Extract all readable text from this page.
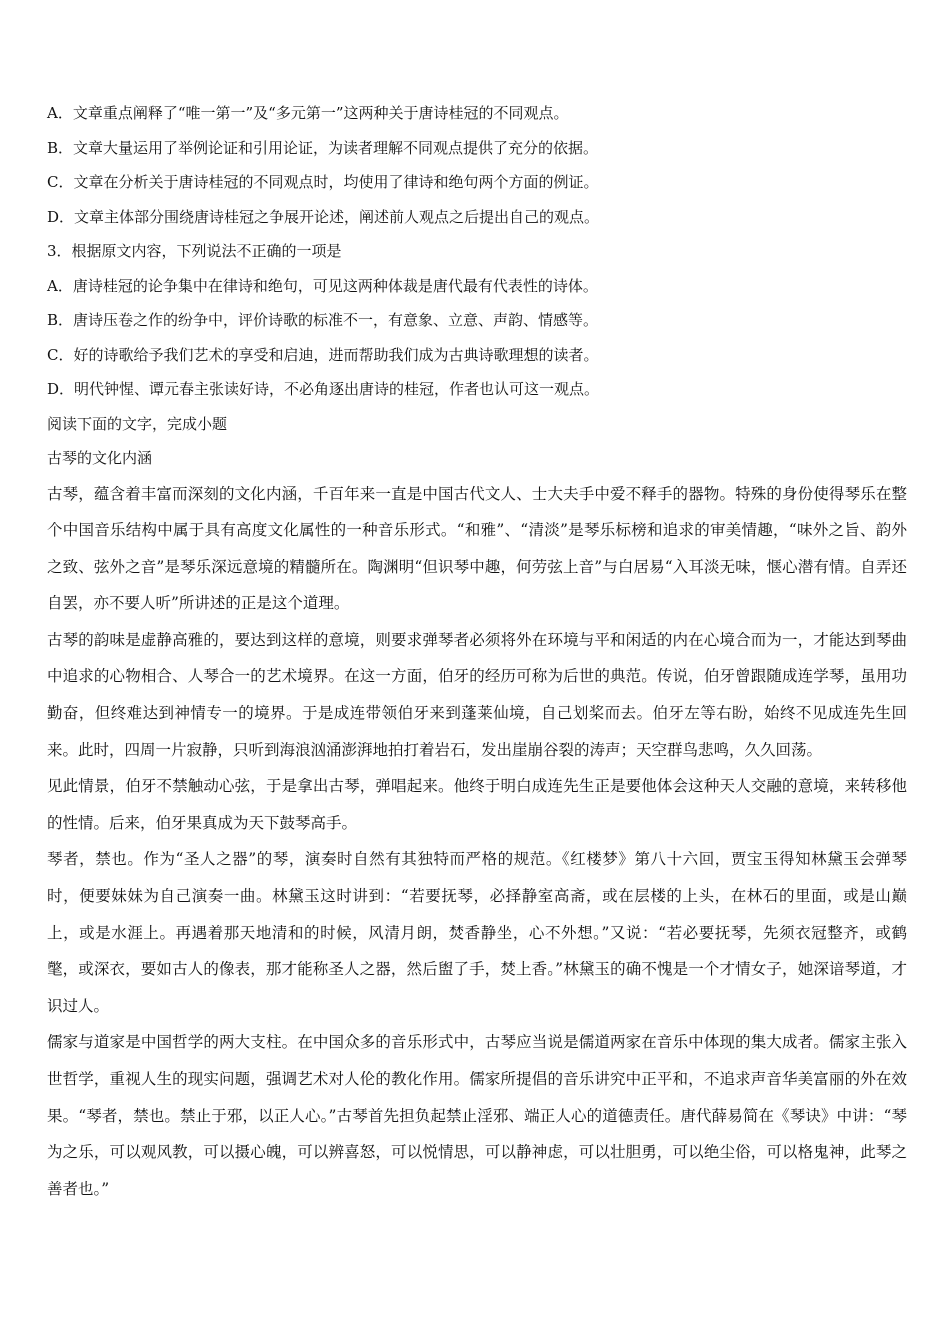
A．文章重点阐释了“唯一第一”及“多元第一”这两种关于唐诗桂冠的不同观点。
B．文章大量运用了举例论证和引用论证，为读者理解不同观点提供了充分的依据。
C．文章在分析关于唐诗桂冠的不同观点时，均使用了律诗和绝句两个方面的例证。
D．文章主体部分围绕唐诗桂冠之争展开论述，阐述前人观点之后提出自己的观点。
3．根据原文内容，下列说法不正确的一项是
A．唐诗桂冠的论争集中在律诗和绝句，可见这两种体裁是唐代最有代表性的诗体。
B．唐诗压卷之作的纷争中，评价诗歌的标准不一，有意象、立意、声韵、情感等。
C．好的诗歌给予我们艺术的享受和启迪，进而帮助我们成为古典诗歌理想的读者。
D．明代钟惺、谭元春主张读好诗，不必角逐出唐诗的桂冠，作者也认可这一观点。
阅读下面的文字，完成小题
古琴的文化内涵

古琴，蕴含着丰富而深刻的文化内涵，千百年来一直是中国古代文人、士大夫手中爱不释手的器物。特殊的身份使得琴乐在整个中国音乐结构中属于具有高度文化属性的一种音乐形式。“和雅”、“清淡”是琴乐标榜和追求的审美情趣，“味外之旨、韵外之致、弦外之音”是琴乐深远意境的精髓所在。陶渊明“但识琴中趣，何劳弦上音”与白居易“入耳淡无味，惬心潜有情。自弄还自罢，亦不要人听”所讲述的正是这个道理。

古琴的韵味是虚静高雅的，要达到这样的意境，则要求弹琴者必须将外在环境与平和闲适的内在心境合而为一，才能达到琴曲中追求的心物相合、人琴合一的艺术境界。在这一方面，伯牙的经历可称为后世的典范。传说，伯牙曾跟随成连学琴，虽用功勤奋，但终难达到神情专一的境界。于是成连带领伯牙来到蓬莱仙境，自己划桨而去。伯牙左等右盼，始终不见成连先生回来。此时，四周一片寂静，只听到海浪汹涌澎湃地拍打着岩石，发出崖崩谷裂的涛声；天空群鸟悲鸣，久久回荡。

见此情景，伯牙不禁触动心弦，于是拿出古琴，弹唱起来。他终于明白成连先生正是要他体会这种天人交融的意境，来转移他的性情。后来，伯牙果真成为天下鼓琴高手。

琴者，禁也。作为“圣人之器”的琴，演奏时自然有其独特而严格的规范。《红楼梦》第八十六回，贾宝玉得知林黛玉会弹琴时，便要妹妹为自己演奏一曲。林黛玉这时讲到：“若要抚琴，必择静室高斋，或在层楼的上头，在林石的里面，或是山巅上，或是水涯上。再遇着那天地清和的时候，风清月朗，焚香静坐，心不外想。”又说：“若必要抚琴，先须衣冠整齐，或鹤氅，或深衣，要如古人的像表，那才能称圣人之器，然后盥了手，焚上香。”林黛玉的确不愧是一个才情女子，她深谙琴道，才识过人。

儒家与道家是中国哲学的两大支柱。在中国众多的音乐形式中，古琴应当说是儒道两家在音乐中体现的集大成者。儒家主张入世哲学，重视人生的现实问题，强调艺术对人伦的教化作用。儒家所提倡的音乐讲究中正平和，不追求声音华美富丽的外在效果。“琴者，禁也。禁止于邪，以正人心。”古琴首先担负起禁止淫邪、端正人心的道德责任。唐代薛易简在《琴诀》中讲：“琴为之乐，可以观风教，可以摄心魄，可以辨喜怒，可以悦情思，可以静神虑，可以壮胆勇，可以绝尘俗，可以格鬼神，此琴之善者也。”
